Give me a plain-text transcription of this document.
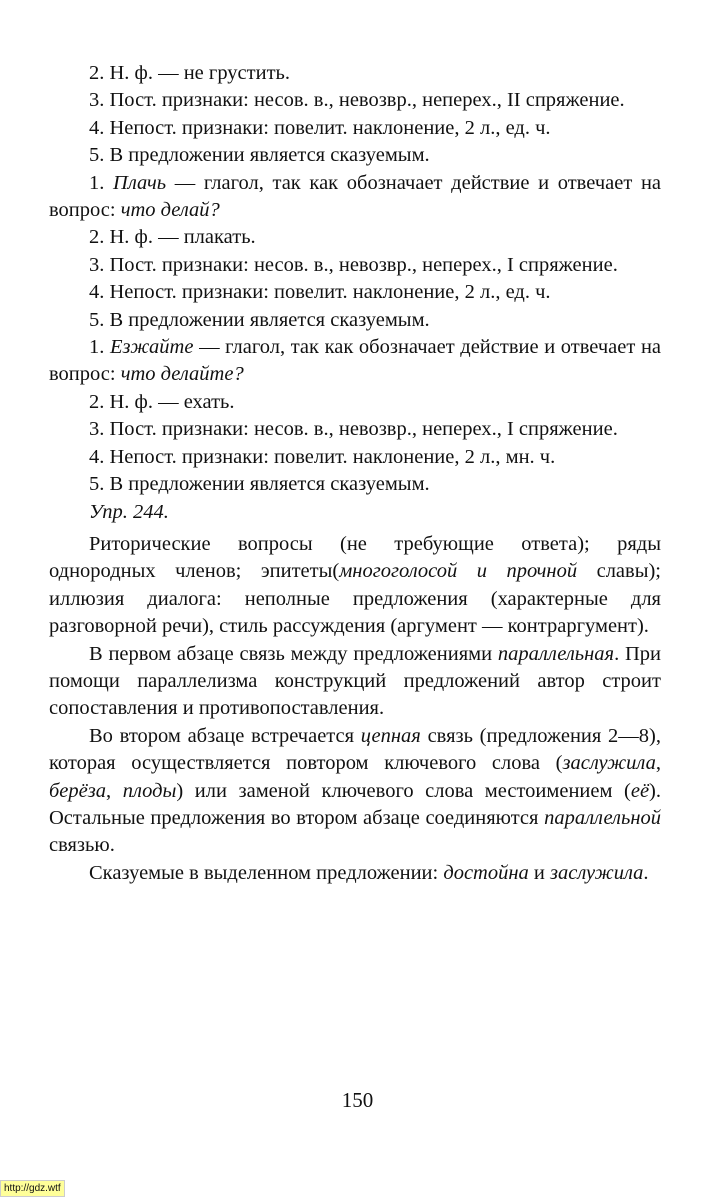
2. Н. ф. — не грустить.

3. Пост. признаки: несов. в., невозвр., неперех., II спряжение.

4. Непост. признаки: повелит. наклонение, 2 л., ед. ч.

5. В предложении является сказуемым.

1. Плачь — глагол, так как обозначает действие и отвечает на вопрос: что делай?

2. Н. ф. — плакать.

3. Пост. признаки: несов. в., невозвр., неперех., I спряжение.

4. Непост. признаки: повелит. наклонение, 2 л., ед. ч.

5. В предложении является сказуемым.

1. Езжайте — глагол, так как обозначает действие и отвечает на вопрос: что делайте?

2. Н. ф. — ехать.

3. Пост. признаки: несов. в., невозвр., неперех., I спряжение.

4. Непост. признаки: повелит. наклонение, 2 л., мн. ч.

5. В предложении является сказуемым.

Упр. 244.

Риторические вопросы (не требующие ответа); ряды однородных членов; эпитеты(многоголосой и прочной славы); иллюзия диалога: неполные предложения (характерные для разговорной речи), стиль рассуждения (аргумент — контраргумент).

В первом абзаце связь между предложениями параллельная. При помощи параллелизма конструкций предложений автор строит сопоставления и противопоставления.

Во втором абзаце встречается цепная связь (предложения 2—8), которая осуществляется повтором ключевого слова (заслужила, берёза, плоды) или заменой ключевого слова местоимением (её). Остальные предложения во втором абзаце соединяются параллельной связью.

Сказуемые в выделенном предложении: достойна и заслужила.

150
http://gdz.wtf
